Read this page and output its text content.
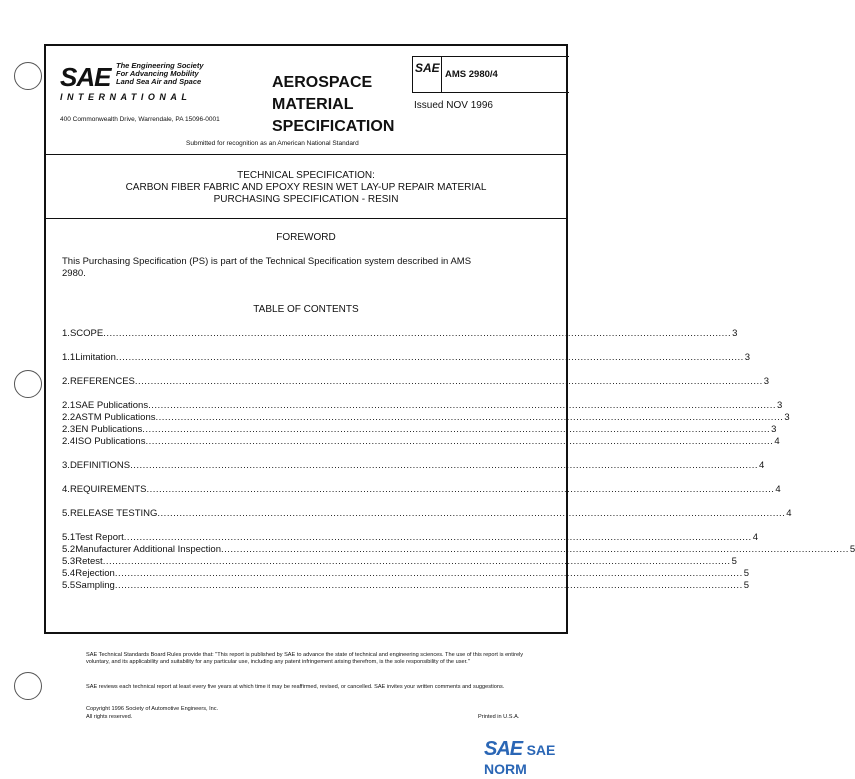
SAE The Engineering Society
For Advancing Mobility
Land Sea Air and Space
INTERNATIONAL
400 Commonwealth Drive, Warrendale, PA 15096-0001
AEROSPACE
MATERIAL
SPECIFICATION
SAE AMS 2980/4
Issued NOV 1996
Submitted for recognition as an American National Standard
TECHNICAL SPECIFICATION:
CARBON FIBER FABRIC AND EPOXY RESIN WET LAY-UP REPAIR MATERIAL
PURCHASING SPECIFICATION - RESIN
FOREWORD
This Purchasing Specification (PS) is part of the Technical Specification system described in AMS 2980.
TABLE OF CONTENTS
1. SCOPE ........................................................................................................................................................................................................ 3
1.1 Limitation ........................................................................................................................................................................................................ 3
2. REFERENCES ........................................................................................................................................................................................................ 3
2.1 SAE Publications ........................................................................................................................................................................................................ 3
2.2 ASTM Publications ........................................................................................................................................................................................................ 3
2.3 EN Publications ........................................................................................................................................................................................................ 3
2.4 ISO Publications ........................................................................................................................................................................................................ 4
3. DEFINITIONS ........................................................................................................................................................................................................ 4
4. REQUIREMENTS ........................................................................................................................................................................................................ 4
5. RELEASE TESTING ........................................................................................................................................................................................................ 4
5.1 Test Report ........................................................................................................................................................................................................ 4
5.2 Manufacturer Additional Inspection ........................................................................................................................................................................................................ 5
5.3 Retest ........................................................................................................................................................................................................ 5
5.4 Rejection ........................................................................................................................................................................................................ 5
5.5 Sampling ........................................................................................................................................................................................................ 5
SAE Technical Standards Board Rules provide that: "This report is published by SAE to advance the state of technical and engineering sciences. The use of this report is entirely voluntary, and its applicability and suitability for any particular use, including any patent infringement arising therefrom, is the sole responsibility of the user."
SAE reviews each technical report at least every five years at which time it may be reaffirmed, revised, or cancelled. SAE invites your written comments and suggestions.
Copyright 1996 Society of Automotive Engineers, Inc.
All rights reserved.	Printed in U.S.A.
SAE SAE NORM
